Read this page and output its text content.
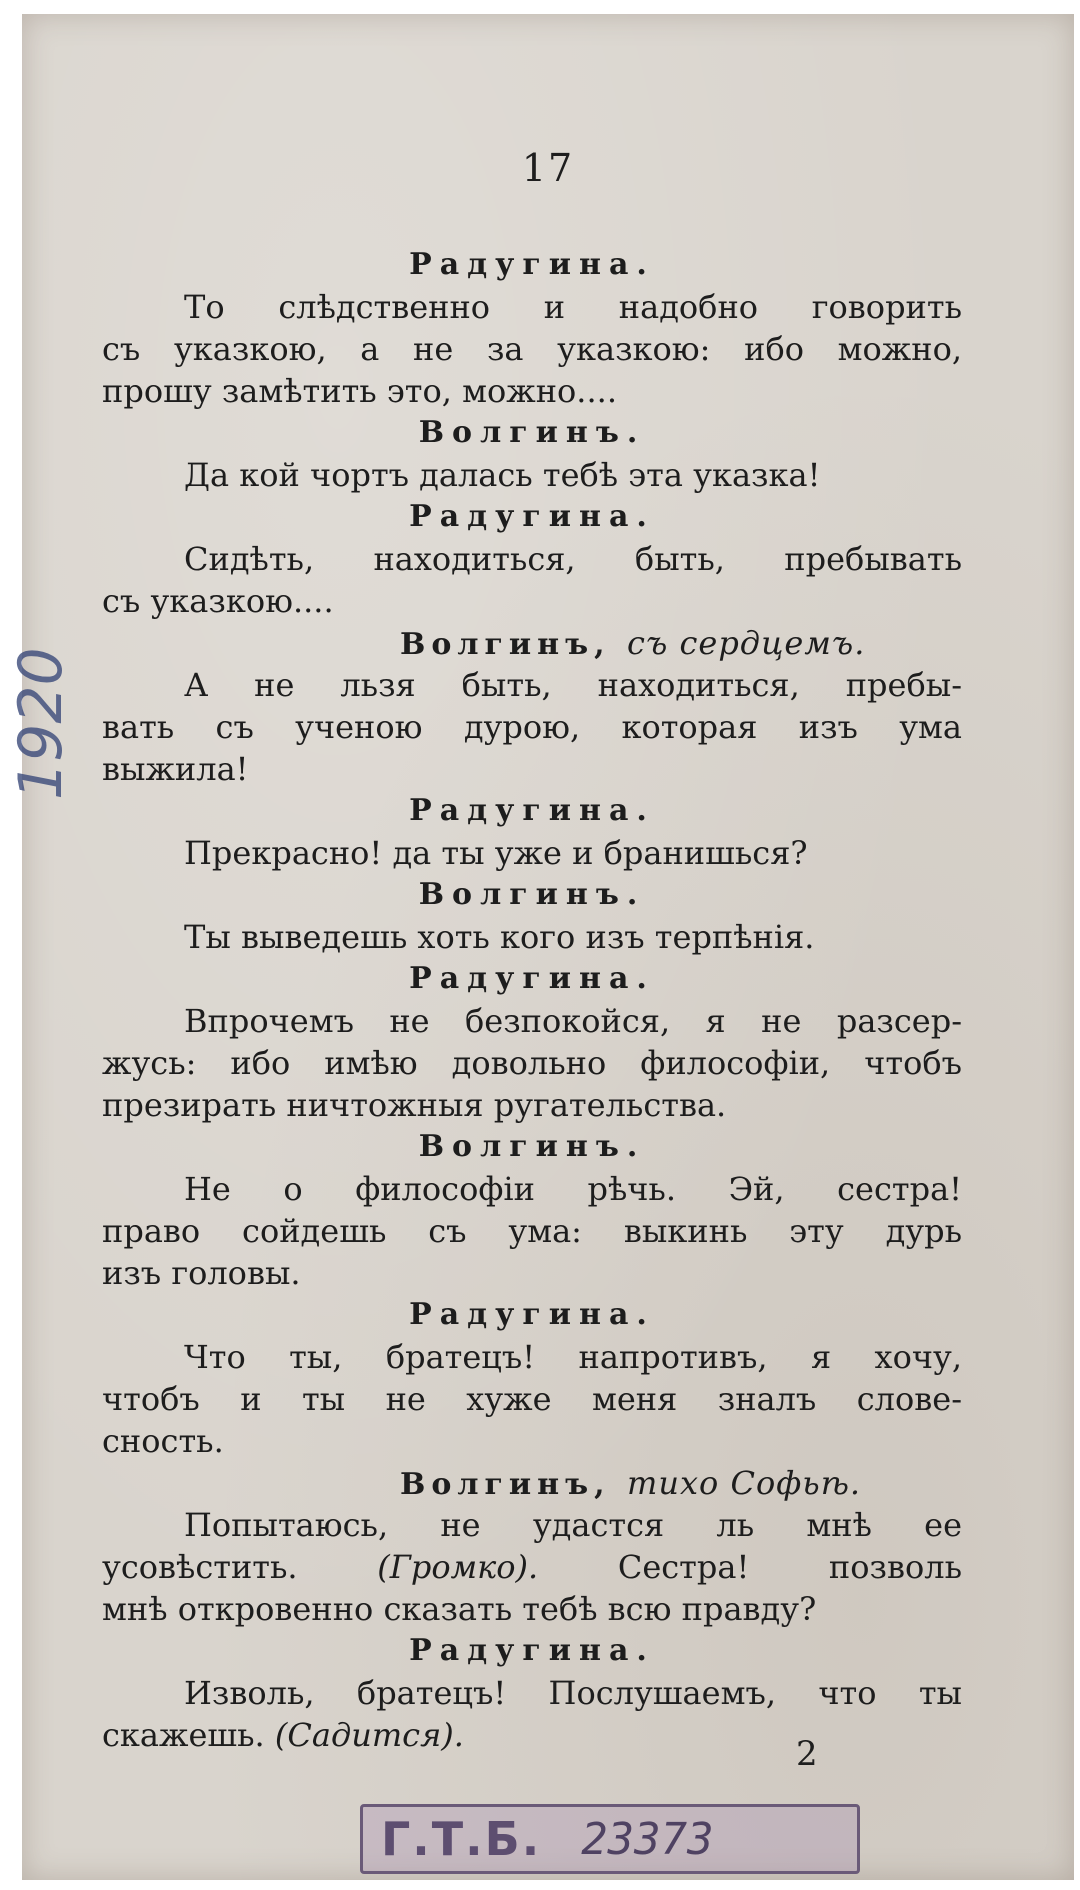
17
Радугина.
То слѣдственно и надобно говорить
съ указкою, а не за указкою: ибо можно,
прошу замѣтить это, можно....
Волгинъ.
Да кой чортъ далась тебѣ эта указка!
Радугина.
Сидѣть, находиться, быть, пребывать
съ указкою....
Волгинъ, съ сердцемъ.
А не льзя быть, находиться, пребы-
вать съ ученою дурою, которая изъ ума
выжила!
Радугина.
Прекрасно! да ты уже и бранишься?
Волгинъ.
Ты выведешь хоть кого изъ терпѣнія.
Радугина.
Впрочемъ не безпокойся, я не разсер-
жусь: ибо имѣю довольно философіи, чтобъ
презирать ничтожныя ругательства.
Волгинъ.
Не о философіи рѣчь. Эй, сестра!
право сойдешь съ ума: выкинь эту дурь
изъ головы.
Радугина.
Что ты, братецъ! напротивъ, я хочу,
чтобъ и ты не хуже меня зналъ слове-
сность.
Волгинъ, тихо Софьѣ.
Попытаюсь, не удастся ль мнѣ ее
усовѣстить. (Громко). Сестра! позволь
мнѣ откровенно сказать тебѣ всю правду?
Радугина.
Изволь, братецъ! Послушаемъ, что ты
скажешь. (Садится).	2
Г.Т.Б. 23373
1920
